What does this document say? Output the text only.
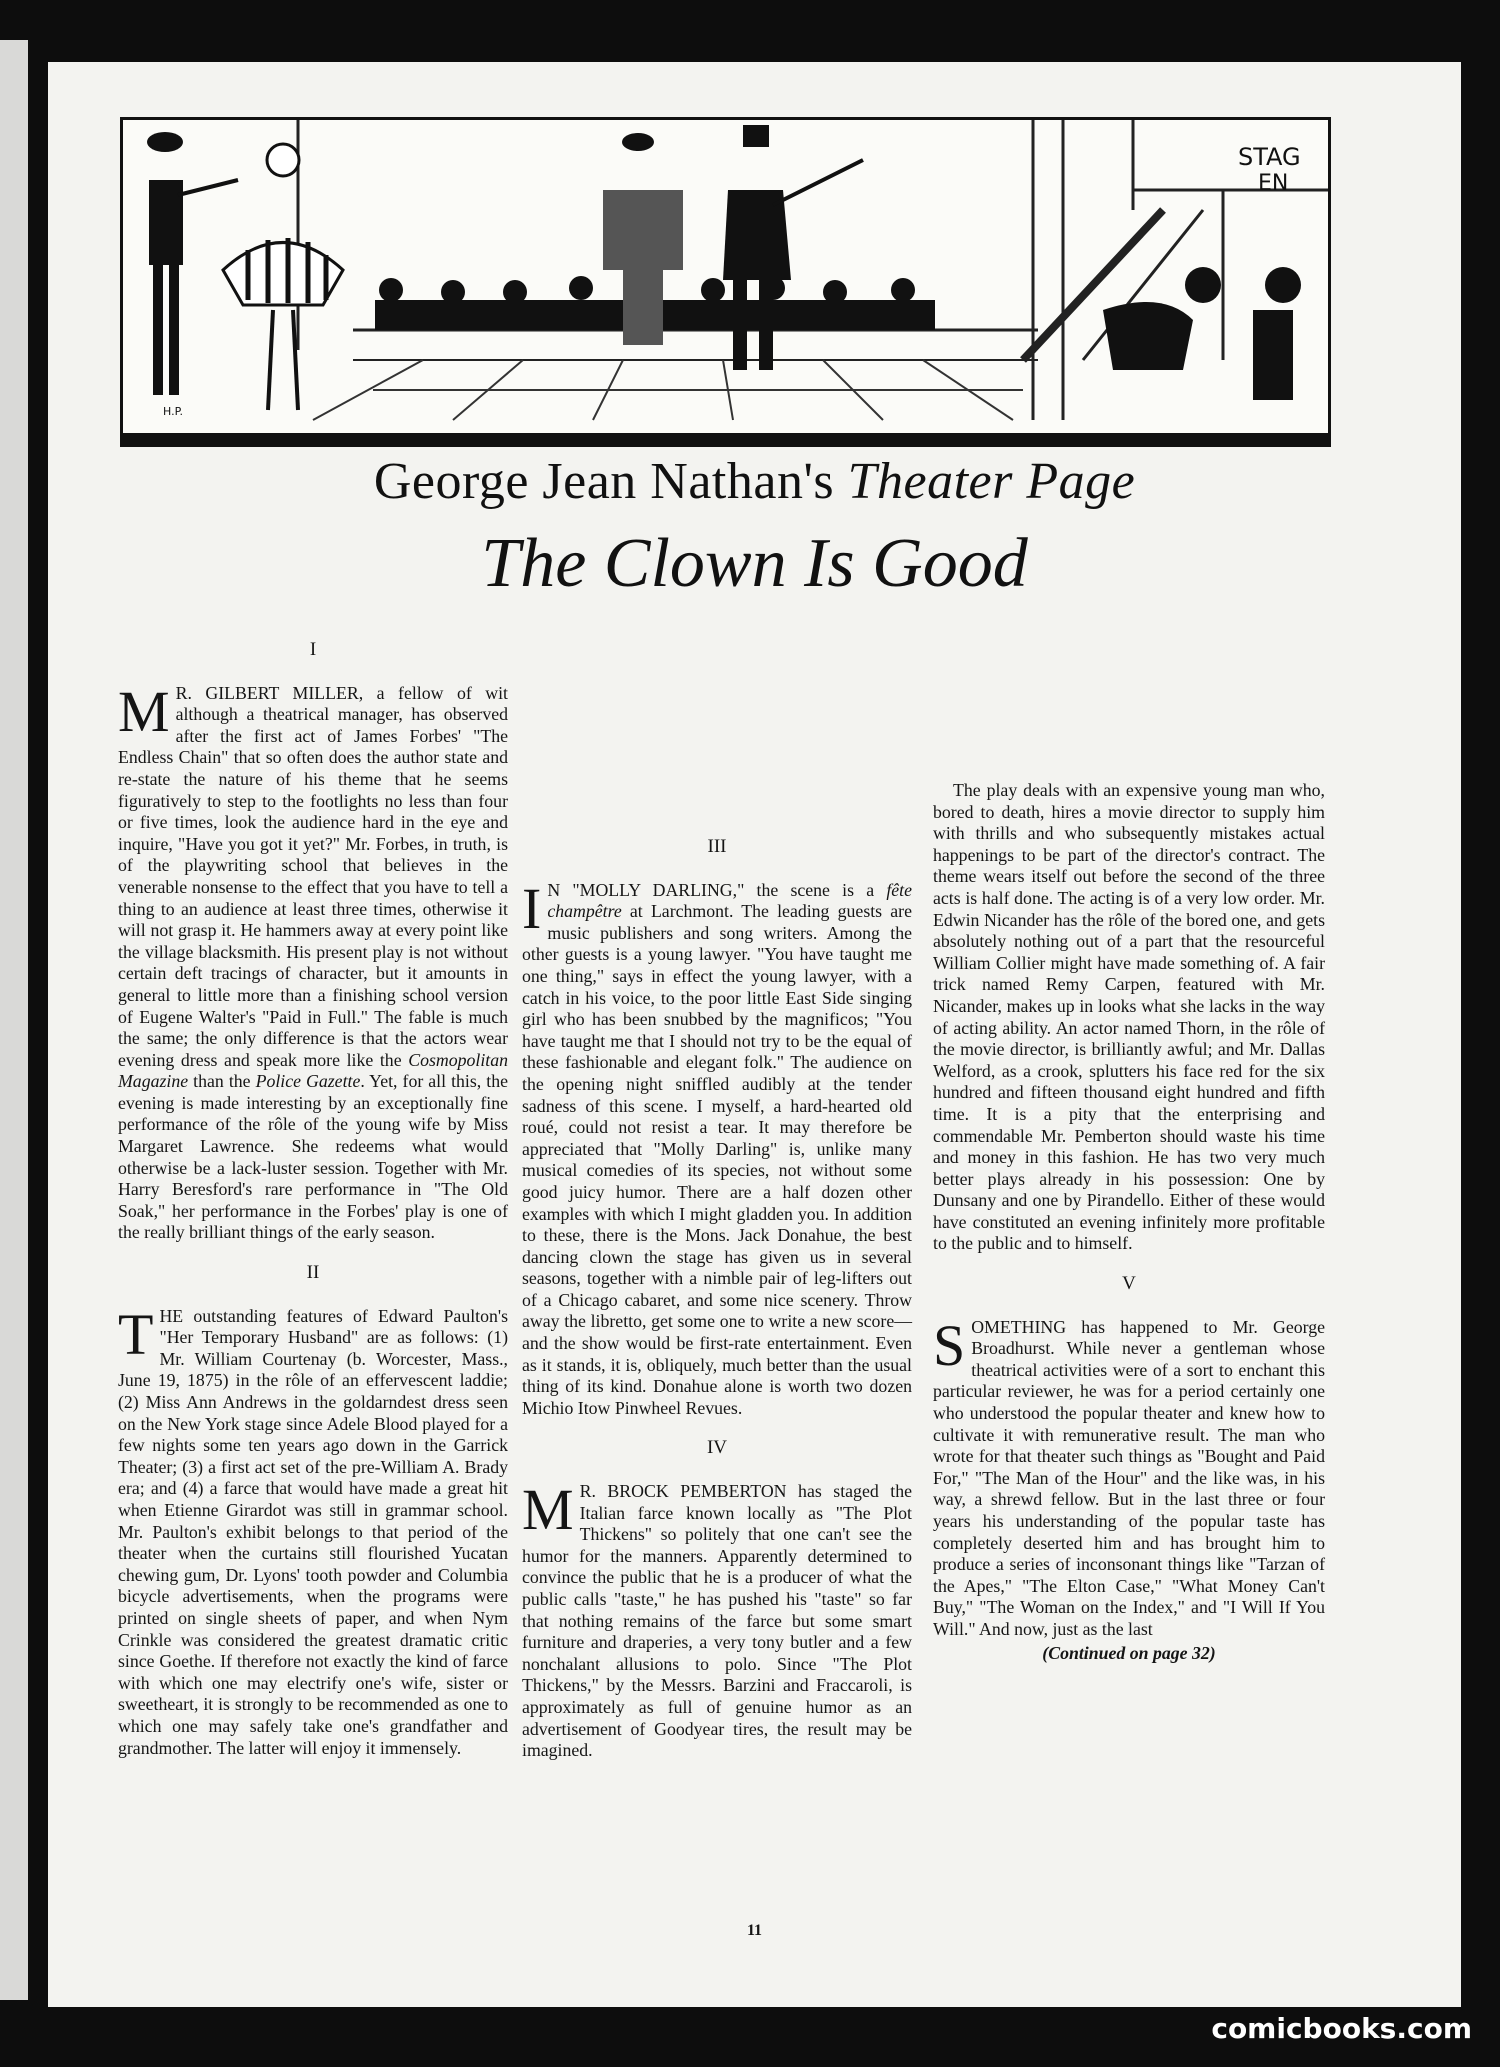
STAG
EN
H.P.
George Jean Nathan's Theater Page
The Clown Is Good
I

M R. GILBERT MILLER, a fellow of wit although a theatrical manager, has observed after the first act of James Forbes' "The Endless Chain" that so often does the author state and re-state the nature of his theme that he seems figuratively to step to the footlights no less than four or five times, look the audience hard in the eye and inquire, "Have you got it yet?" Mr. Forbes, in truth, is of the playwriting school that believes in the venerable nonsense to the effect that you have to tell a thing to an audience at least three times, otherwise it will not grasp it. He hammers away at every point like the village blacksmith. His present play is not without certain deft tracings of character, but it amounts in general to little more than a finishing school version of Eugene Walter's "Paid in Full." The fable is much the same; the only difference is that the actors wear evening dress and speak more like the Cosmopolitan Magazine than the Police Gazette. Yet, for all this, the evening is made interesting by an exceptionally fine performance of the rôle of the young wife by Miss Margaret Lawrence. She redeems what would otherwise be a lack-luster session. Together with Mr. Harry Beresford's rare performance in "The Old Soak," her performance in the Forbes' play is one of the really brilliant things of the early season.

II

THE outstanding features of Edward Paulton's "Her Temporary Husband" are as follows: (1) Mr. William Courtenay (b. Worcester, Mass., June 19, 1875) in the rôle of an effervescent laddie; (2) Miss Ann Andrews in the goldarndest dress seen on the New York stage since Adele Blood played for a few nights some ten years ago down in the Garrick Theater; (3) a first act set of the pre-William A. Brady era; and (4) a farce that would have made a great hit when Etienne Girardot was still in grammar school. Mr. Paulton's exhibit belongs to that period of the theater when the curtains still flourished Yucatan chewing gum, Dr. Lyons' tooth powder and Columbia bicycle advertisements, when the programs were printed on single sheets of paper, and when Nym Crinkle was considered the greatest dramatic critic since Goethe. If therefore not exactly the kind of farce with which one may electrify one's wife, sister or sweetheart, it is strongly to be recommended as one to which one may safely take one's grandfather and grandmother. The latter will enjoy it immensely.

III

I N "MOLLY DARLING," the scene is a fête champêtre at Larchmont. The leading guests are music publishers and song writers. Among the other guests is a young lawyer. "You have taught me one thing," says in effect the young lawyer, with a catch in his voice, to the poor little East Side singing girl who has been snubbed by the magnificos; "You have taught me that I should not try to be the equal of these fashionable and elegant folk." The audience on the opening night sniffled audibly at the tender sadness of this scene. I myself, a hard-hearted old roué, could not resist a tear. It may therefore be appreciated that "Molly Darling" is, unlike many musical comedies of its species, not without some good juicy humor. There are a half dozen other examples with which I might gladden you. In addition to these, there is the Mons. Jack Donahue, the best dancing clown the stage has given us in several seasons, together with a nimble pair of leg-lifters out of a Chicago cabaret, and some nice scenery. Throw away the libretto, get some one to write a new score—and the show would be first-rate entertainment. Even as it stands, it is, obliquely, much better than the usual thing of its kind. Donahue alone is worth two dozen Michio Itow Pinwheel Revues.

IV

M R. BROCK PEMBERTON has staged the Italian farce known locally as "The Plot Thickens" so politely that one can't see the humor for the manners. Apparently determined to convince the public that he is a producer of what the public calls "taste," he has pushed his "taste" so far that nothing remains of the farce but some smart furniture and draperies, a very tony butler and a few nonchalant allusions to polo. Since "The Plot Thickens," by the Messrs. Barzini and Fraccaroli, is approximately as full of genuine humor as an advertisement of Goodyear tires, the result may be imagined.

The play deals with an expensive young man who, bored to death, hires a movie director to supply him with thrills and who subsequently mistakes actual happenings to be part of the director's contract. The theme wears itself out before the second of the three acts is half done. The acting is of a very low order. Mr. Edwin Nicander has the rôle of the bored one, and gets absolutely nothing out of a part that the resourceful William Collier might have made something of. A fair trick named Remy Carpen, featured with Mr. Nicander, makes up in looks what she lacks in the way of acting ability. An actor named Thorn, in the rôle of the movie director, is brilliantly awful; and Mr. Dallas Welford, as a crook, splutters his face red for the six hundred and fifteen thousand eight hundred and fifth time. It is a pity that the enterprising and commendable Mr. Pemberton should waste his time and money in this fashion. He has two very much better plays already in his possession: One by Dunsany and one by Pirandello. Either of these would have constituted an evening infinitely more profitable to the public and to himself.

V

SOMETHING has happened to Mr. George Broadhurst. While never a gentleman whose theatrical activities were of a sort to enchant this particular reviewer, he was for a period certainly one who understood the popular theater and knew how to cultivate it with remunerative result. The man who wrote for that theater such things as "Bought and Paid For," "The Man of the Hour" and the like was, in his way, a shrewd fellow. But in the last three or four years his understanding of the popular taste has completely deserted him and has brought him to produce a series of inconsonant things like "Tarzan of the Apes," "The Elton Case," "What Money Can't Buy," "The Woman on the Index," and "I Will If You Will." And now, just as the last

(Continued on page 32)
11
comicbooks.com
